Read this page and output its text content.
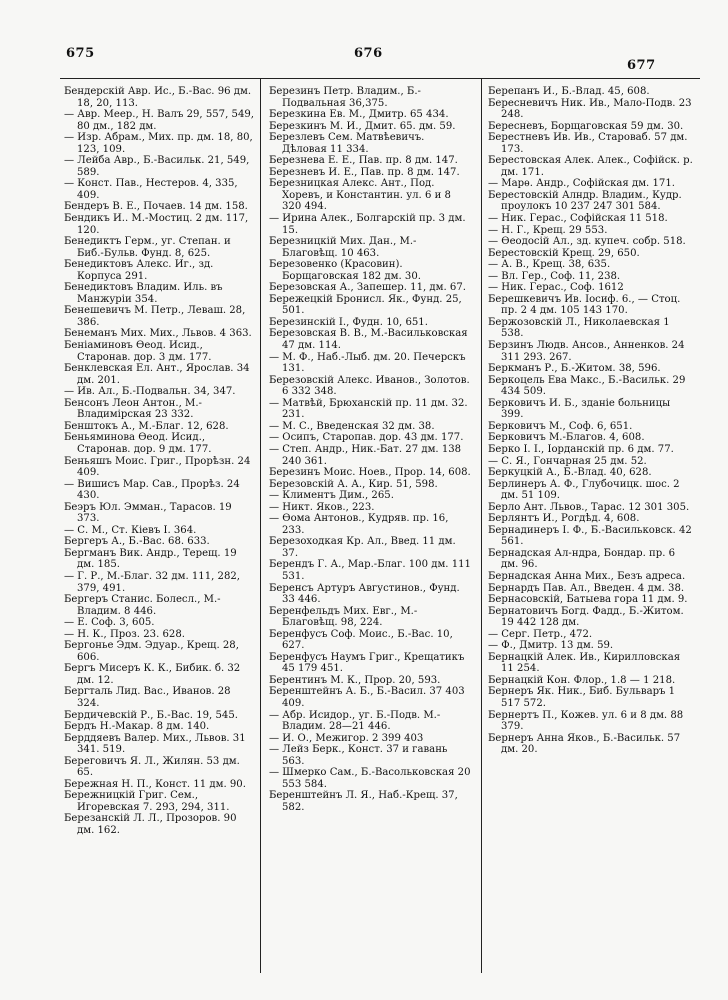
675	676
677

Бендерскій Авр. Ис., Б.-Вас. 96 дм. 18, 20, 113.

— Авр. Меер., Н. Валъ 29, 557, 549, 80 дм., 182 дм.

— Изр. Абрам., Мих. пр. дм. 18, 80, 123, 109.

— Лейба Авр., Б.-Васильк. 21, 549, 589.

— Конст. Пав., Нестеров. 4, 335, 409.

Бендеръ В. Е., Почаев. 14 дм. 158.

Бендикъ И.. М.-Мостиц. 2 дм. 117, 120.

Бенедиктъ Герм., уг. Степан. и Биб.-Бульв. Фунд. 8, 625.

Бенедиктовъ Алекс. Иг., зд. Корпуса 291.

Бенедиктовъ Владим. Иль. въ Манжуріи 354.

Бенешевичъ М. Петр., Леваш. 28, 386.

Бенеманъ Мих. Мих., Львов. 4 363.

Беніаминовъ Өеод. Исид., Старонав. дор. 3 дм. 177.

Бенклевская Ел. Ант., Ярослав. 34 дм. 201.

— Ив. Ал., Б.-Подвальн. 34, 347.

Бенсонъ Леон Антон., М.-Владимірская 23 332.

Бенштокъ А., М.-Благ. 12, 628.

Беньяминова Өеод. Исид., Старонав. дор. 9 дм. 177.

Беньяшъ Моис. Григ., Прорѣзн. 24 409.

— Вишисъ Мар. Сав., Прорѣз. 24 430.

Беэръ Юл. Эмман., Тарасов. 19 373.

— С. М., Ст. Кіевъ I. 364.

Бергеръ А., Б.-Вас. 68. 633.

Бергманъ Вик. Андр., Терещ. 19 дм. 185.

— Г. Р., М.-Благ. 32 дм. 111, 282, 379, 491.

Бергеръ Станис. Болесл., М.-Владим. 8 446.

— Е. Соф. 3, 605.

— Н. К., Проз. 23. 628.

Бергонье Эдм. Эдуар., Крещ. 28, 606.

Бергъ Мисеръ К. К., Бибик. б. 32 дм. 12.

Бергталь Лид. Вас., Иванов. 28 324.

Бердичевскій Р., Б.-Вас. 19, 545.

Бердъ Н.-Макар. 8 дм. 140.

Берддяевъ Валер. Мих., Львов. 31 341. 519.

Береговичъ Я. Л., Жилян. 53 дм. 65.

Бережная Н. П., Конст. 11 дм. 90.

Бережницкій Григ. Сем., Игоревская 7. 293, 294, 311.

Березанскій Л. Л., Прозоров. 90 дм. 162.

Березинъ Петр. Владим., Б.-Подвальная 36,375.

Березкина Ев. М., Дмитр. 65 434.

Березкинъ М. И., Дмит. 65. дм. 59.

Березлевъ Сем. Матвѣевичъ. Дѣловая 11 334.

Березнева Е. Е., Пав. пр. 8 дм. 147.

Березневъ И. Е., Пав. пр. 8 дм. 147.

Березницкая Алекс. Ант., Под. Хоревъ, и Константин. ул. 6 и 8 320 494.

— Ирина Алек., Болгарскій пр. 3 дм. 15.

Березницкій Мих. Дан., М.-Благовѣщ. 10 463.

Березовенко (Красовин). Борщаговская 182 дм. 30.

Березовская А., Запешер. 11, дм. 67.

Бережецкій Бронисл. Як., Фунд. 25, 501.

Березинскій I., Фудн. 10, 651.

Березовская В. В., М.-Васильковская 47 дм. 114.

— М. Ф., Наб.-Лыб. дм. 20. Печерскъ 131.

Березовскій Алекс. Иванов., Золотов. 6 332 348.

— Матвѣй, Брюханскій пр. 11 дм. 32. 231.

— М. С., Введенская 32 дм. 38.

— Осипъ, Старопав. дор. 43 дм. 177.

— Степ. Андр., Ник.-Бат. 27 дм. 138 240 361.

Березинъ Моис. Ноев., Прор. 14, 608.

Березовскій А. А., Кир. 51, 598.

— Климентъ Дим., 265.

— Никт. Яков., 223.

— Өома Антонов., Кудряв. пр. 16, 233.

Березоходкая Кр. Ал., Введ. 11 дм. 37.

Берендъ Г. А., Мар.-Благ. 100 дм. 111 531.

Беренсъ Артуръ Августинов., Фунд. 33 446.

Беренфельдъ Мих. Евг., М.-Благовѣщ. 98, 224.

Беренфусъ Соф. Моис., Б.-Вас. 10, 627.

Беренфусъ Наумъ Григ., Крещатикъ 45 179 451.

Берентинъ М. К., Прор. 20, 593.

Беренштейнъ А. Б., Б.-Васил. 37 403 409.

— Абр. Исидор., уг. Б.-Подв. М.-Владим. 28—21 446.

— И. О., Межигор. 2 399 403

— Лейз Берк., Конст. 37 и гавань 563.

— Шмерко Сам., Б.-Васольковская 20 553 584.

Беренштейнъ Л. Я., Наб.-Крещ. 37, 582.

Берепанъ И., Б.-Влад. 45, 608.

Бересневичъ Ник. Ив., Мало-Подв. 23 248.

Бересневъ, Борщаговская 59 дм. 30.

Берестневъ Ив. Ив., Староваб. 57 дм. 173.

Берестовская Алек. Алек., Софійск. р. дм. 171.

— Марѳ. Андр., Софійская дм. 171.

Берестовскій Алндр. Владим., Кудр. проулокъ 10 237 247 301 584.

— Ник. Герас., Софійская 11 518.

— Н. Г., Крещ. 29 553.

— Өеодосій Ал., зд. купеч. собр. 518.

Берестовскій Крещ. 29, 650.

— А. В., Крещ. 38, 635.

— Вл. Гер., Соф. 11, 238.

— Ник. Герас., Соф. 1612

Берешкевичъ Ив. Іосиф. 6., — Стоц. пр. 2 4 дм. 105 143 170.

Бержозовскій Л., Николаевская 1 538.

Берзинъ Людв. Ансов., Анненков. 24 311 293. 267.

Беркманъ Р., Б.-Житом. 38, 596.

Беркоцель Ева Макс., Б.-Васильк. 29 434 509.

Берковичъ И. Б., зданіе больницы 399.

Берковичъ М., Соф. 6, 651.

Берковичъ М.-Благов. 4, 608.

Берко I. I., Іорданскій пр. 6 дм. 77.

— С. Я., Гончарная 25 дм. 52.

Беркуцкій А., Б.-Влад. 40, 628.

Берлинеръ А. Ф., Глубочицк. шос. 2 дм. 51 109.

Берло Ант. Львов., Тарас. 12 301 305.

Берлянтъ И., Рогдѣд. 4, 608.

Бернадинеръ I. Ф., Б.-Васильковск. 42 561.

Бернадская Ал-ндра, Бондар. пр. 6 дм. 96.

Бернадская Анна Мих., Безъ адреса.

Бернардъ Пав. Ал., Введен. 4 дм. 38.

Бернасовскій, Батыева гора 11 дм. 9.

Бернатовичъ Богд. Фадд., Б.-Житом. 19 442 128 дм.

— Серг. Петр., 472.

— Ф., Дмитр. 13 дм. 59.

Бернацкій Алек. Ив., Кирилловская 11 254.

Бернацкій Кон. Флор., 1.8 — 1 218.

Бернеръ Як. Ник., Биб. Бульваръ 1 517 572.

Бернертъ П., Кожев. ул. 6 и 8 дм. 88 379.

Бернеръ Анна Яков., Б.-Васильк. 57 дм. 20.
